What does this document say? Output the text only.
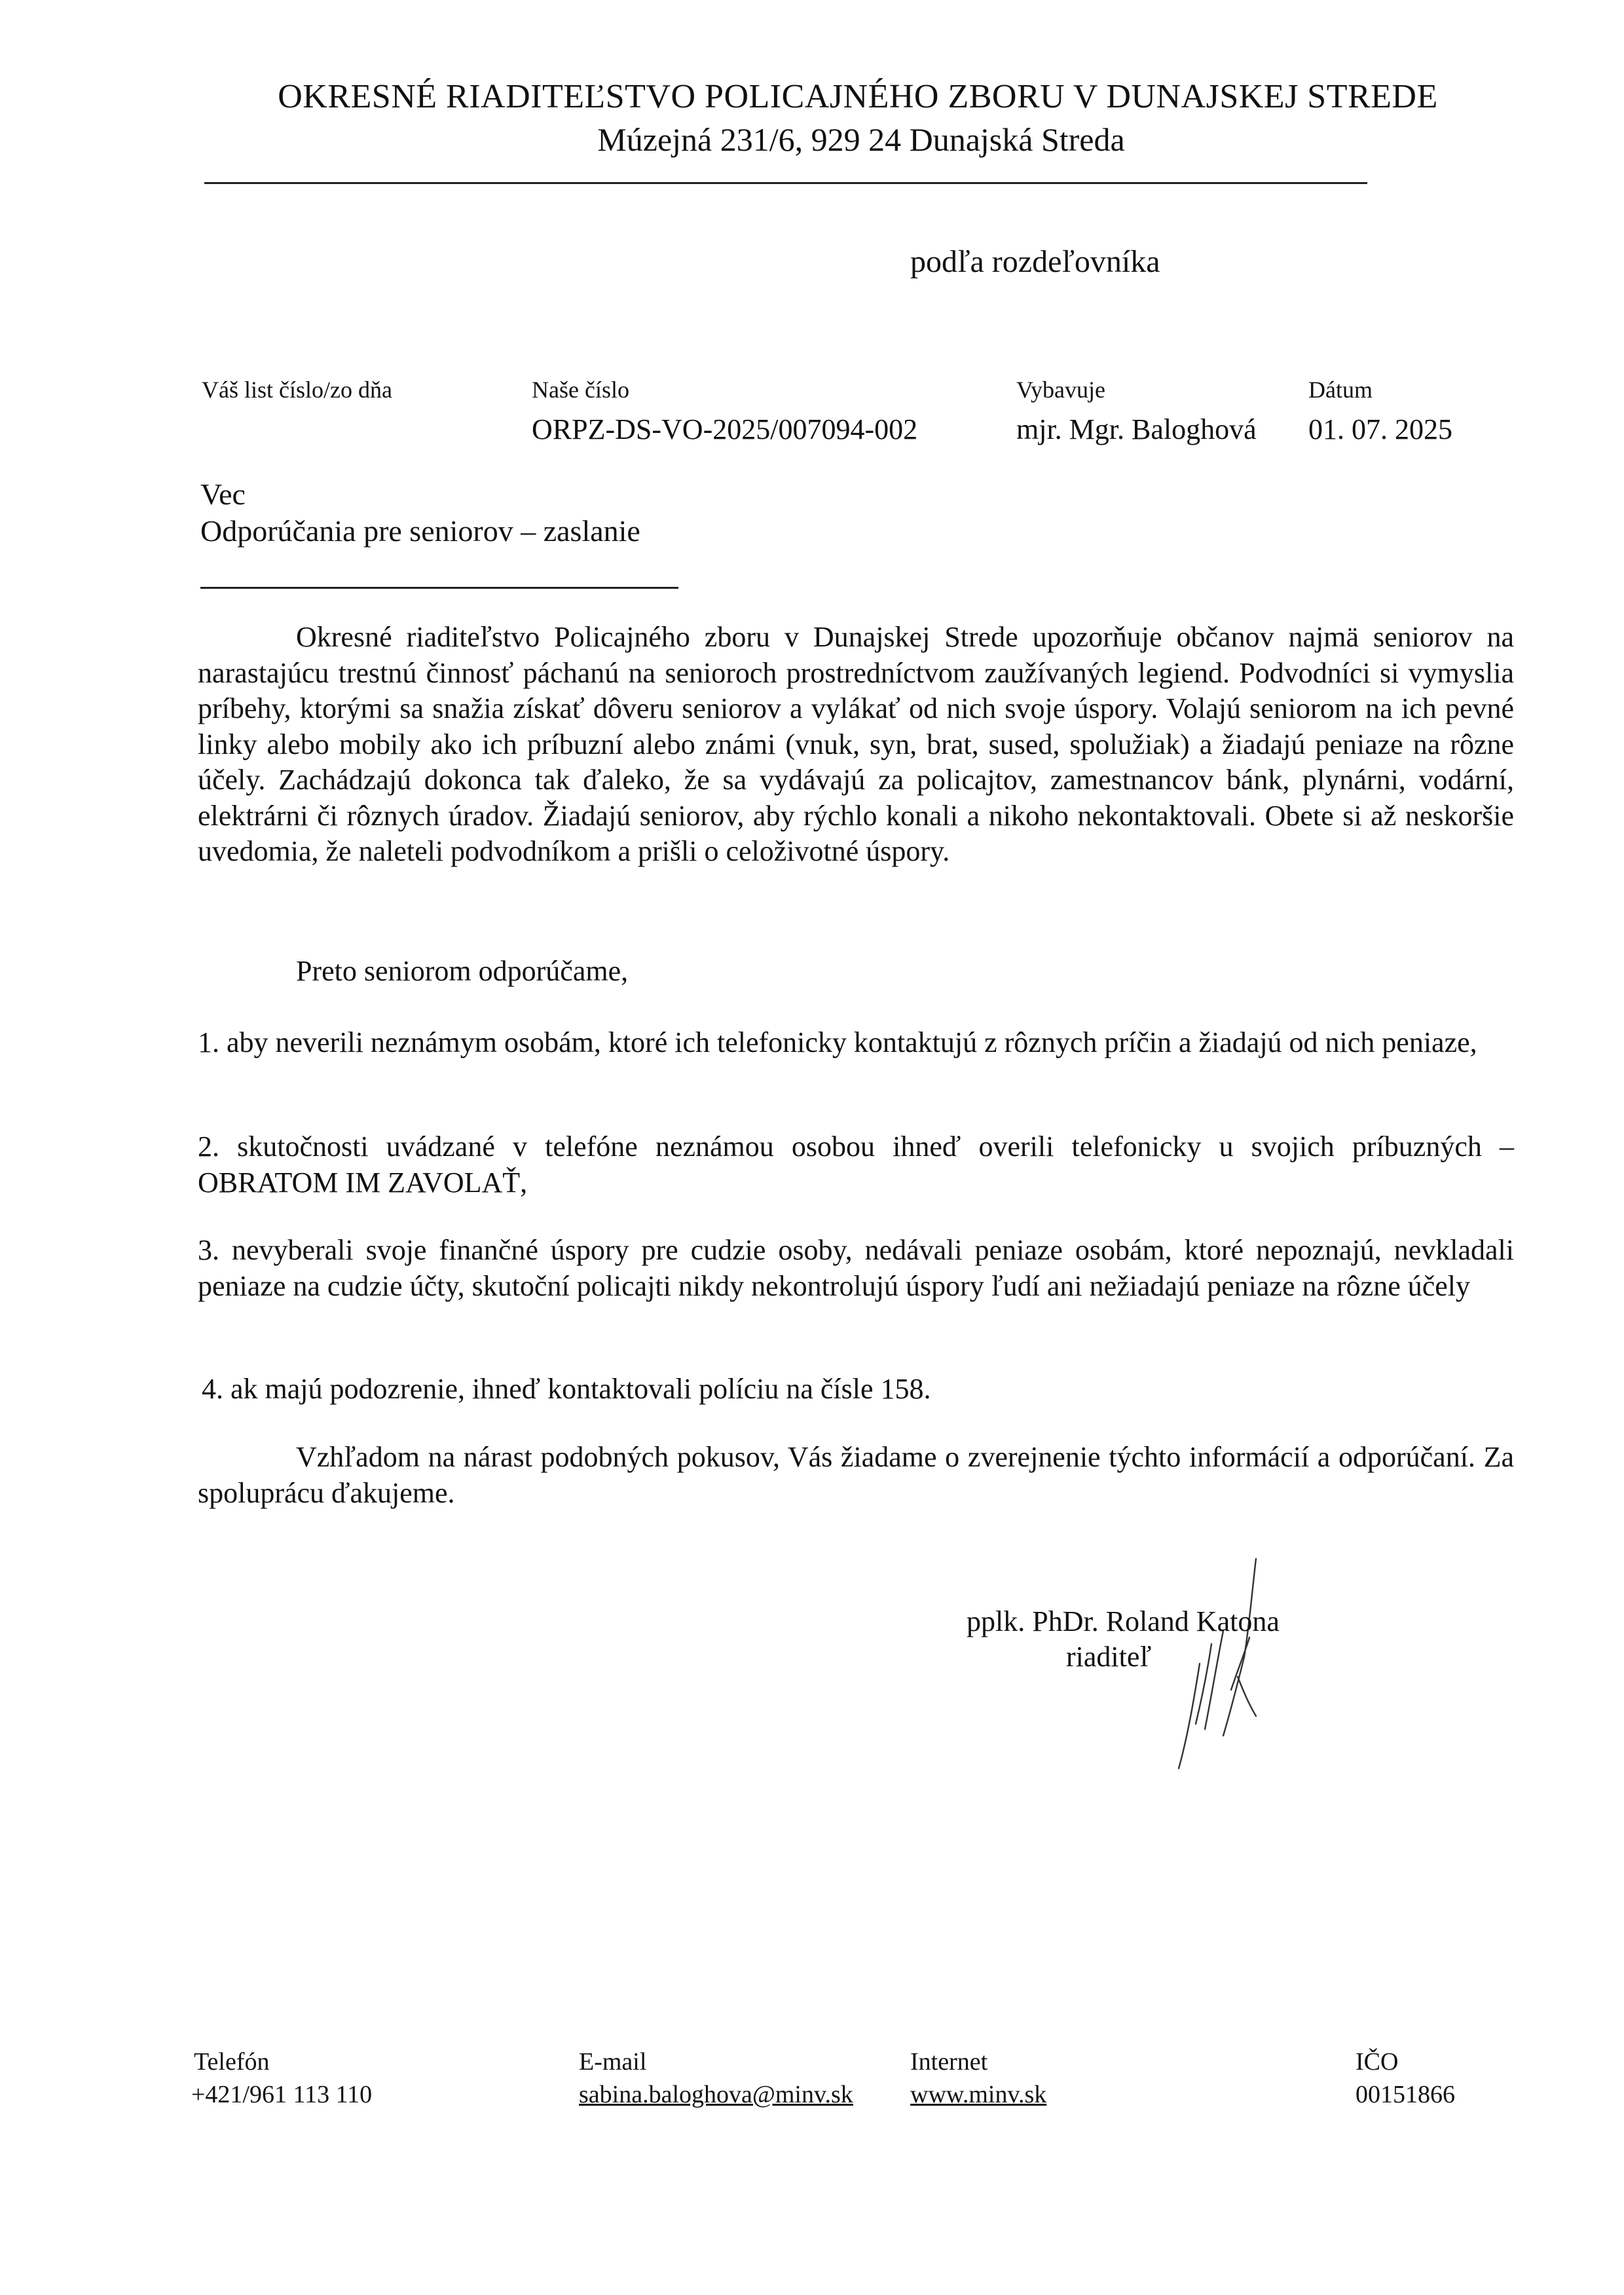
OKRESNÉ RIADITEĽSTVO POLICAJNÉHO ZBORU V DUNAJSKEJ STREDE
Múzejná 231/6, 929 24 Dunajská Streda
podľa rozdeľovníka
Váš list číslo/zo dňa	Naše číslo
ORPZ-DS-VO-2025/007094-002
Vybavuje
mjr. Mgr. Baloghová
Dátum
01. 07. 2025
Vec
Odporúčania pre seniorov – zaslanie
Okresné riaditeľstvo Policajného zboru v Dunajskej Strede upozorňuje občanov najmä seniorov na narastajúcu trestnú činnosť páchanú na senioroch prostredníctvom zaužívaných legiend. Podvodníci si vymyslia príbehy, ktorými sa snažia získať dôveru seniorov a vylákať od nich svoje úspory. Volajú seniorom na ich pevné linky alebo mobily ako ich príbuzní alebo známi (vnuk, syn, brat, sused, spolužiak) a žiadajú peniaze na rôzne účely. Zachádzajú dokonca tak ďaleko, že sa vydávajú za policajtov, zamestnancov bánk, plynárni, vodární, elektrárni či rôznych úradov. Žiadajú seniorov, aby rýchlo konali a nikoho nekontaktovali. Obete si až neskoršie uvedomia, že naleteli podvodníkom a prišli o celoživotné úspory.
Preto seniorom odporúčame,
1. aby neverili neznámym osobám, ktoré ich telefonicky kontaktujú z rôznych príčin a žiadajú od nich peniaze,
2. skutočnosti uvádzané v telefóne neznámou osobou ihneď overili telefonicky u svojich príbuzných – OBRATOM IM ZAVOLAŤ,
3. nevyberali svoje finančné úspory pre cudzie osoby, nedávali peniaze osobám, ktoré nepoznajú, nevkladali peniaze na cudzie účty, skutoční policajti nikdy nekontrolujú úspory ľudí ani nežiadajú peniaze na rôzne účely
4. ak majú podozrenie, ihneď kontaktovali políciu na čísle 158.
Vzhľadom na nárast podobných pokusov, Vás žiadame o zverejnenie týchto informácií a odporúčaní. Za spoluprácu ďakujeme.
pplk. PhDr. Roland Katona
riaditeľ
Telefón
+421/961 113 110
E-mail
sabina.baloghova@minv.sk
Internet
www.minv.sk
IČO
00151866
